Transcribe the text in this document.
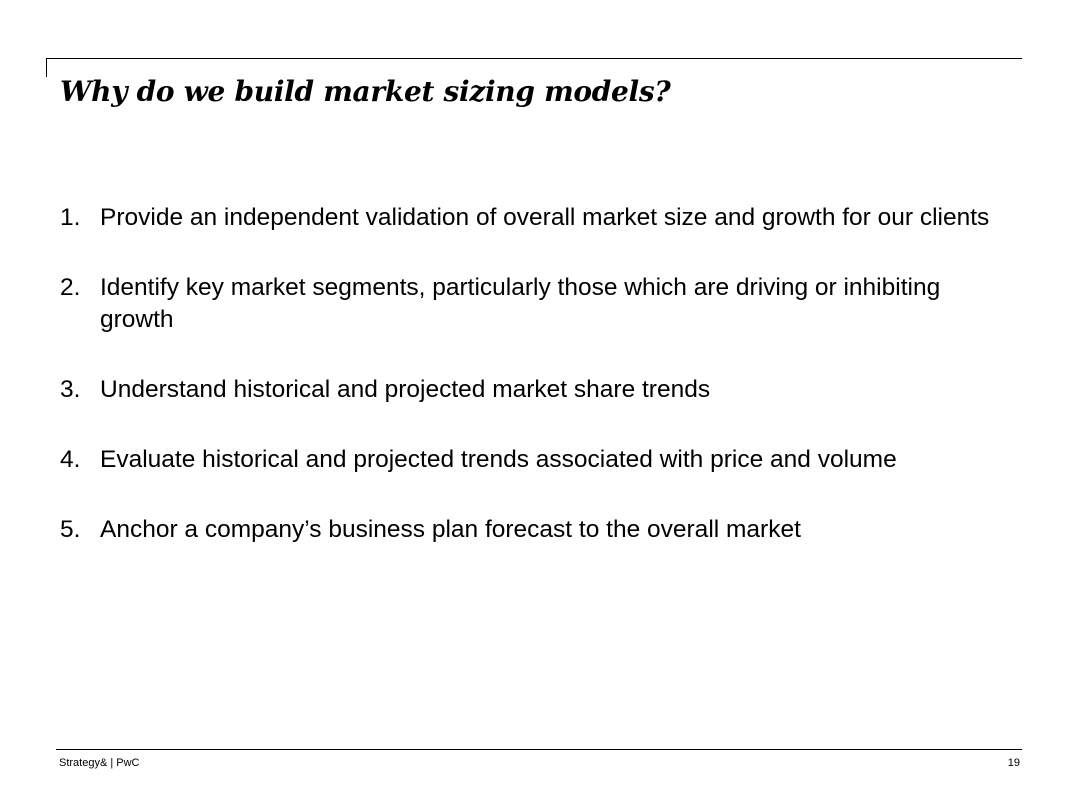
Why do we build market sizing models?
1. Provide an independent validation of overall market size and growth for our clients
2. Identify key market segments, particularly those which are driving or inhibiting growth
3. Understand historical and projected market share trends
4. Evaluate historical and projected trends associated with price and volume
5. Anchor a company’s business plan forecast to the overall market
Strategy& | PwC	19
